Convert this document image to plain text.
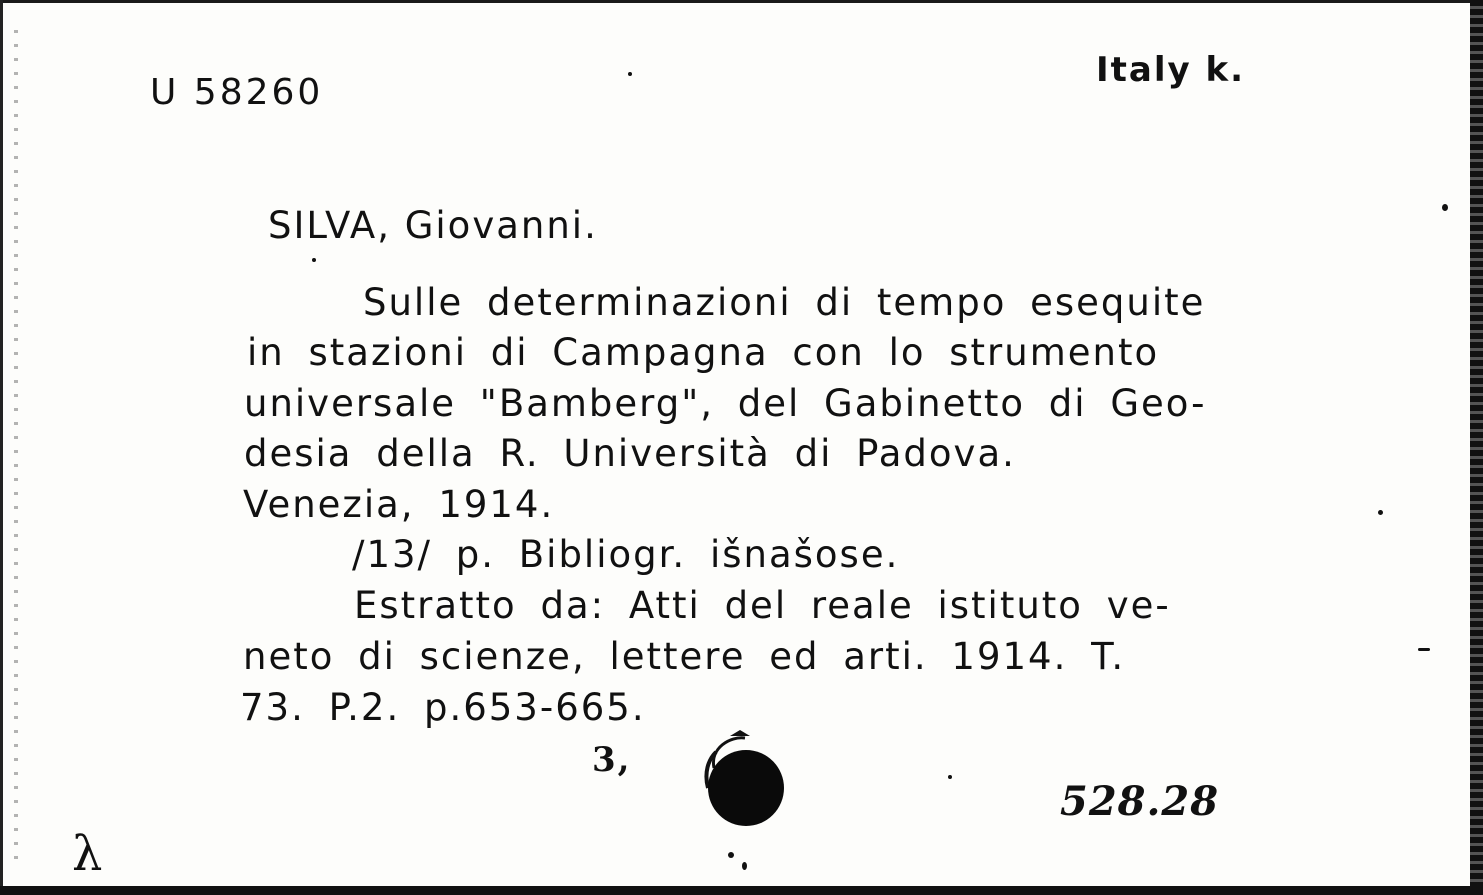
U 58260
Italy k.
SILVA, Giovanni.
Sulle determinazioni di tempo esequite
in stazioni di Campagna con lo strumento
universale "Bamberg", del Gabinetto di Geo-
desia della R. Università di Padova.
Venezia, 1914.
/13/ p. Bibliogr. išnašose.
Estratto da: Atti del reale istituto ve-
neto di scienze, lettere ed arti. 1914. T.
73. P.2. p.653-665.
3,
528.28
λ
